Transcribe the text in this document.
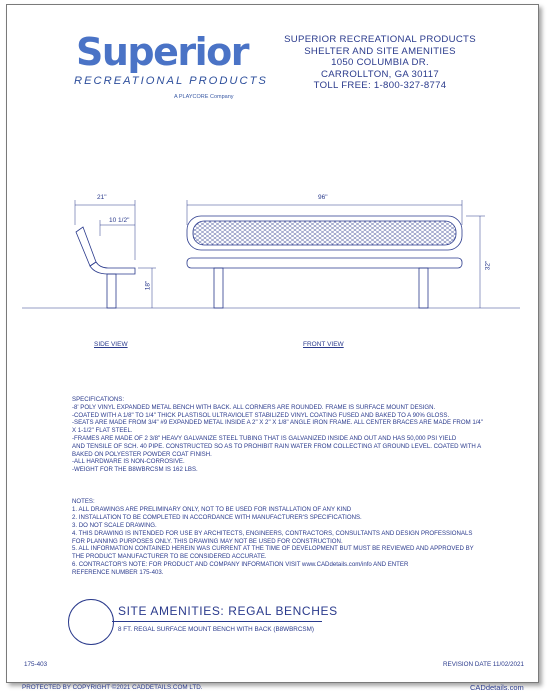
Superior
RECREATIONAL PRODUCTS
A PLAYCORE Company
SUPERIOR RECREATIONAL PRODUCTS
SHELTER AND SITE AMENITIES
1050 COLUMBIA DR.
CARROLLTON, GA 30117
TOLL FREE: 1-800-327-8774
21"
10 1/2"
18"
96"
32"
SIDE VIEW	FRONT VIEW
SPECIFICATIONS:
-8' POLY VINYL EXPANDED METAL BENCH WITH BACK. ALL CORNERS ARE ROUNDED. FRAME IS SURFACE MOUNT DESIGN.
-COATED WITH A 1/8" TO 1/4" THICK PLASTISOL ULTRAVIOLET STABILIZED VINYL COATING FUSED AND BAKED TO A 90% GLOSS.
-SEATS ARE MADE FROM 3/4" #9 EXPANDED METAL INSIDE A 2" X 2" X 1/8" ANGLE IRON FRAME. ALL CENTER BRACES ARE MADE FROM 1/4"
X 1-1/2" FLAT STEEL.
-FRAMES ARE MADE OF 2 3/8" HEAVY GALVANIZE STEEL TUBING THAT IS GALVANIZED INSIDE AND OUT AND HAS 50,000 PSI YIELD
AND TENSILE OF SCH. 40 PIPE. CONSTRUCTED SO AS TO PROHIBIT RAIN WATER FROM COLLECTING AT GROUND LEVEL. COATED WITH A
BAKED ON POLYESTER POWDER COAT FINISH.
-ALL HARDWARE IS NON-CORROSIVE.
-WEIGHT FOR THE B8WBRCSM IS 162 LBS.
NOTES:
1. ALL DRAWINGS ARE PRELIMINARY ONLY, NOT TO BE USED FOR INSTALLATION OF ANY KIND
2. INSTALLATION TO BE COMPLETED IN ACCORDANCE WITH MANUFACTURER'S SPECIFICATIONS.
3. DO NOT SCALE DRAWING.
4. THIS DRAWING IS INTENDED FOR USE BY ARCHITECTS, ENGINEERS, CONTRACTORS, CONSULTANTS AND DESIGN PROFESSIONALS
FOR PLANNING PURPOSES ONLY. THIS DRAWING MAY NOT BE USED FOR CONSTRUCTION.
5. ALL INFORMATION CONTAINED HEREIN WAS CURRENT AT THE TIME OF DEVELOPMENT BUT MUST BE REVIEWED AND APPROVED BY
THE PRODUCT MANUFACTURER TO BE CONSIDERED ACCURATE.
6. CONTRACTOR'S NOTE: FOR PRODUCT AND COMPANY INFORMATION VISIT www.CADdetails.com/info AND ENTER
REFERENCE NUMBER 175-403.
SITE AMENITIES: REGAL BENCHES
8 FT. REGAL SURFACE MOUNT BENCH WITH BACK (B8WBRCSM)
175-403	REVISION DATE 11/02/2021
PROTECTED BY COPYRIGHT ©2021 CADDETAILS.COM LTD.	CADdetails.com
